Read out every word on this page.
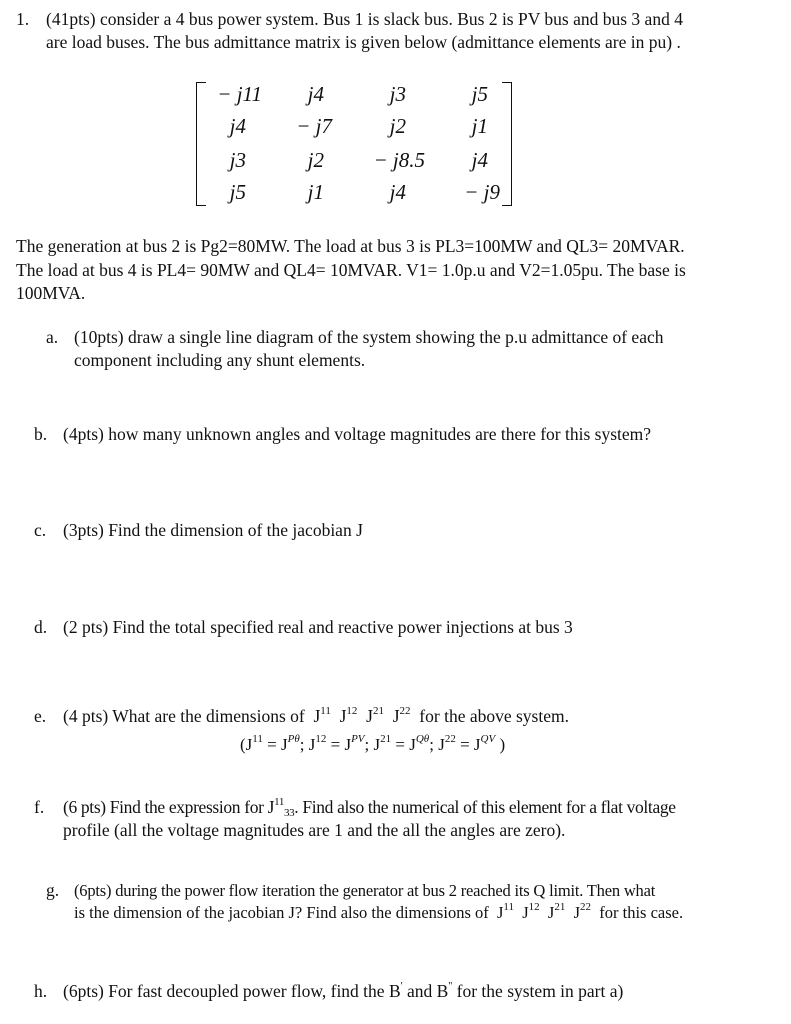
1. (41pts) consider a 4 bus power system. Bus 1 is slack bus. Bus 2 is PV bus and bus 3 and 4
are load buses. The bus admittance matrix is given below (admittance elements are in pu) .
− j11	j4	j3	j5
j4	− j7	j2	j1
j3	j2	− j8.5	j4
j5	j1	j4	− j9
The generation at bus 2 is Pg2=80MW. The load at bus 3 is PL3=100MW and QL3= 20MVAR.
The load at bus 4 is PL4= 90MW and QL4= 10MVAR. V1= 1.0p.u and V2=1.05pu. The base is
100MVA.
a. (10pts) draw a single line diagram of the system showing the p.u admittance of each
component including any shunt elements.
b. (4pts) how many unknown angles and voltage magnitudes are there for this system?
c. (3pts) Find the dimension of the jacobian J
d. (2 pts) Find the total specified real and reactive power injections at bus 3
e. (4 pts) What are the dimensions of $J^{11}$ $J^{12}$ $J^{21}$ $J^{22}$ for the above system.
($J^{11} = J^{P\theta}$; $J^{12} = J^{PV}$; $J^{21} = J^{Q\theta}$; $J^{22} = J^{QV}$ )
f. (6 pts) Find the expression for $J^{11}_{33}$. Find also the numerical of this element for a flat voltage
profile (all the voltage magnitudes are 1 and the all the angles are zero).
g. (6pts) during the power flow iteration the generator at bus 2 reached its Q limit. Then what
is the dimension of the jacobian J? Find also the dimensions of $J^{11}$ $J^{12}$ $J^{21}$ $J^{22}$ for this case.
h. (6pts) For fast decoupled power flow, find the B' and B'' for the system in part a)
